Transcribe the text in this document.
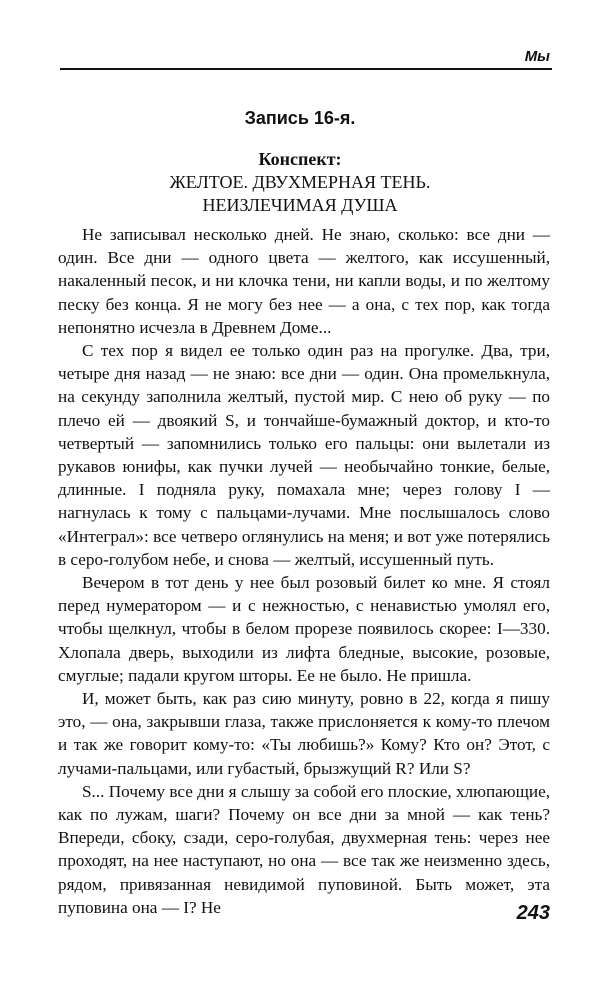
Мы
Запись 16-я.
Конспект:
ЖЕЛТОЕ. ДВУХМЕРНАЯ ТЕНЬ.
НЕИЗЛЕЧИМАЯ ДУША

Не записывал несколько дней. Не знаю, сколько: все дни — один. Все дни — одного цвета — желтого, как иссушенный, накаленный песок, и ни клочка тени, ни капли воды, и по желтому песку без конца. Я не могу без нее — а она, с тех пор, как тогда непонятно исчезла в Древнем Доме...

С тех пор я видел ее только один раз на прогулке. Два, три, четыре дня назад — не знаю: все дни — один. Она промелькнула, на секунду заполнила желтый, пустой мир. С нею об руку — по плечо ей — двоякий S, и тончайше-бумажный доктор, и кто-то четвертый — запомнились только его пальцы: они вылетали из рукавов юнифы, как пучки лучей — необычайно тонкие, белые, длинные. I подняла руку, помахала мне; через голову I — нагнулась к тому с пальцами-лучами. Мне послышалось слово «Интеграл»: все четверо оглянулись на меня; и вот уже потерялись в серо-голубом небе, и снова — желтый, иссушенный путь.

Вечером в тот день у нее был розовый билет ко мне. Я стоял перед нумератором — и с нежностью, с ненавистью умолял его, чтобы щелкнул, чтобы в белом прорезе появилось скорее: I—330. Хлопала дверь, выходили из лифта бледные, высокие, розовые, смуглые; падали кругом шторы. Ее не было. Не пришла.

И, может быть, как раз сию минуту, ровно в 22, когда я пишу это, — она, закрывши глаза, также прислоняется к кому-то плечом и так же говорит кому-то: «Ты любишь?» Кому? Кто он? Этот, с лучами-пальцами, или губастый, брызжущий R? Или S?

S... Почему все дни я слышу за собой его плоские, хлюпающие, как по лужам, шаги? Почему он все дни за мной — как тень? Впереди, сбоку, сзади, серо-голубая, двухмерная тень: через нее проходят, на нее наступают, но она — все так же неизменно здесь, рядом, привязанная невидимой пуповиной. Быть может, эта пуповина она — I? Не	243
